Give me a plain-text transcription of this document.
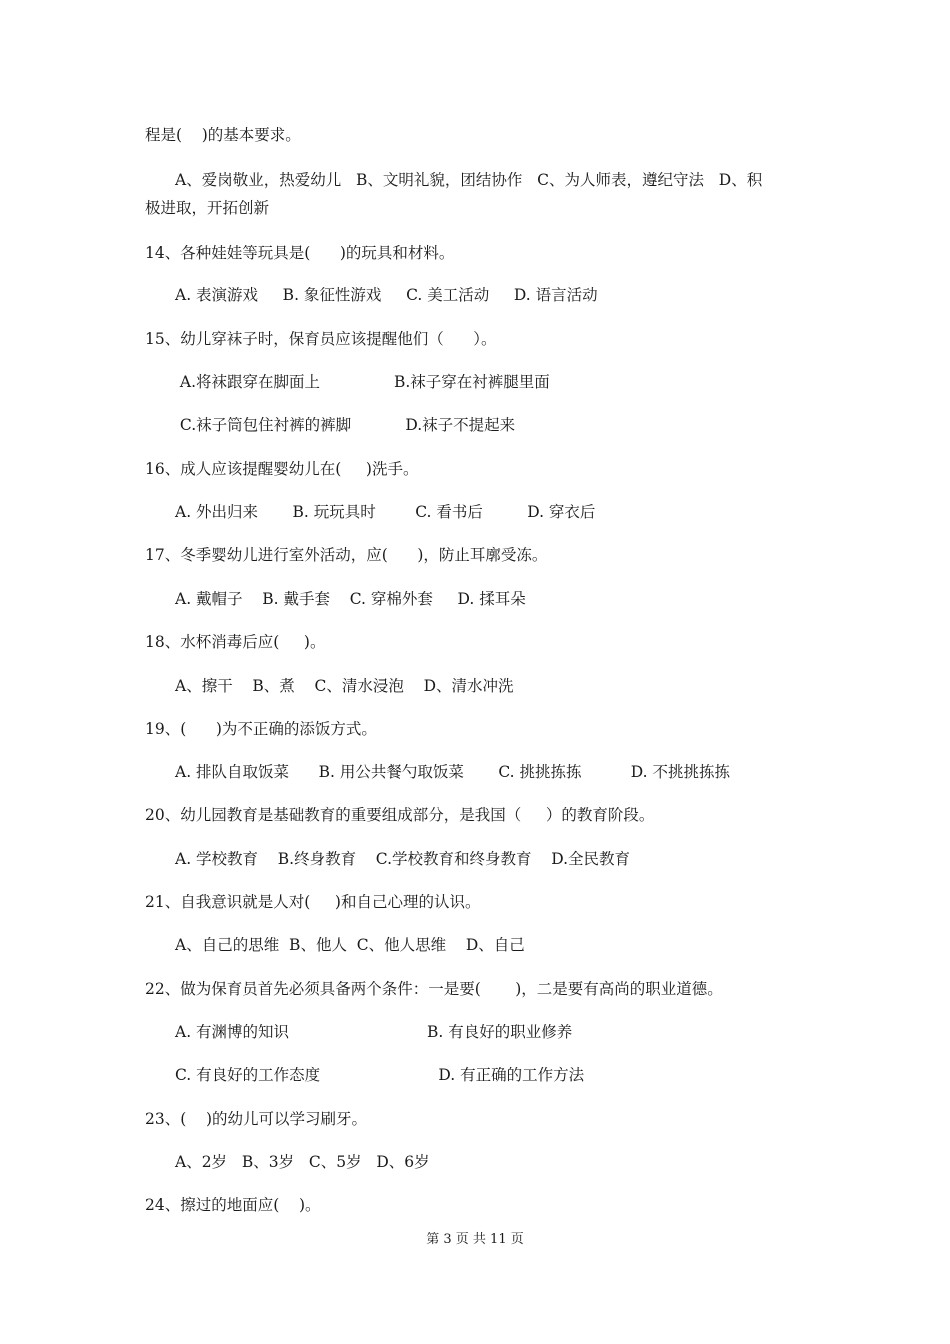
程是(    )的基本要求。
A、爱岗敬业，热爱幼儿   B、文明礼貌，团结协作   C、为人师表，遵纪守法   D、积
极进取，开拓创新
14、各种娃娃等玩具是(      )的玩具和材料。
A. 表演游戏     B. 象征性游戏     C. 美工活动     D. 语言活动
15、幼儿穿袜子时，保育员应该提醒他们（      ）。
A.将袜跟穿在脚面上               B.袜子穿在衬裤腿里面
C.袜子筒包住衬裤的裤脚           D.袜子不提起来
16、成人应该提醒婴幼儿在(     )洗手。
A. 外出归来       B. 玩玩具时        C. 看书后         D. 穿衣后
17、冬季婴幼儿进行室外活动，应(      )，防止耳廓受冻。
A. 戴帽子    B. 戴手套    C. 穿棉外套     D. 揉耳朵
18、水杯消毒后应(     )。
A、擦干    B、煮    C、清水浸泡    D、清水冲洗
19、(      )为不正确的添饭方式。
A. 排队自取饭菜      B. 用公共餐勺取饭菜       C. 挑挑拣拣          D. 不挑挑拣拣
20、幼儿园教育是基础教育的重要组成部分，是我国（     ）的教育阶段。
A. 学校教育    B.终身教育    C.学校教育和终身教育    D.全民教育
21、自我意识就是人对(     )和自己心理的认识。
A、自己的思维  B、他人  C、他人思维    D、自己
22、做为保育员首先必须具备两个条件：一是要(       )，二是要有高尚的职业道德。
A. 有渊博的知识                            B. 有良好的职业修养
C. 有良好的工作态度                        D. 有正确的工作方法
23、(    )的幼儿可以学习刷牙。
A、2岁   B、3岁   C、5岁   D、6岁
24、擦过的地面应(    )。
第 3 页 共 11 页
